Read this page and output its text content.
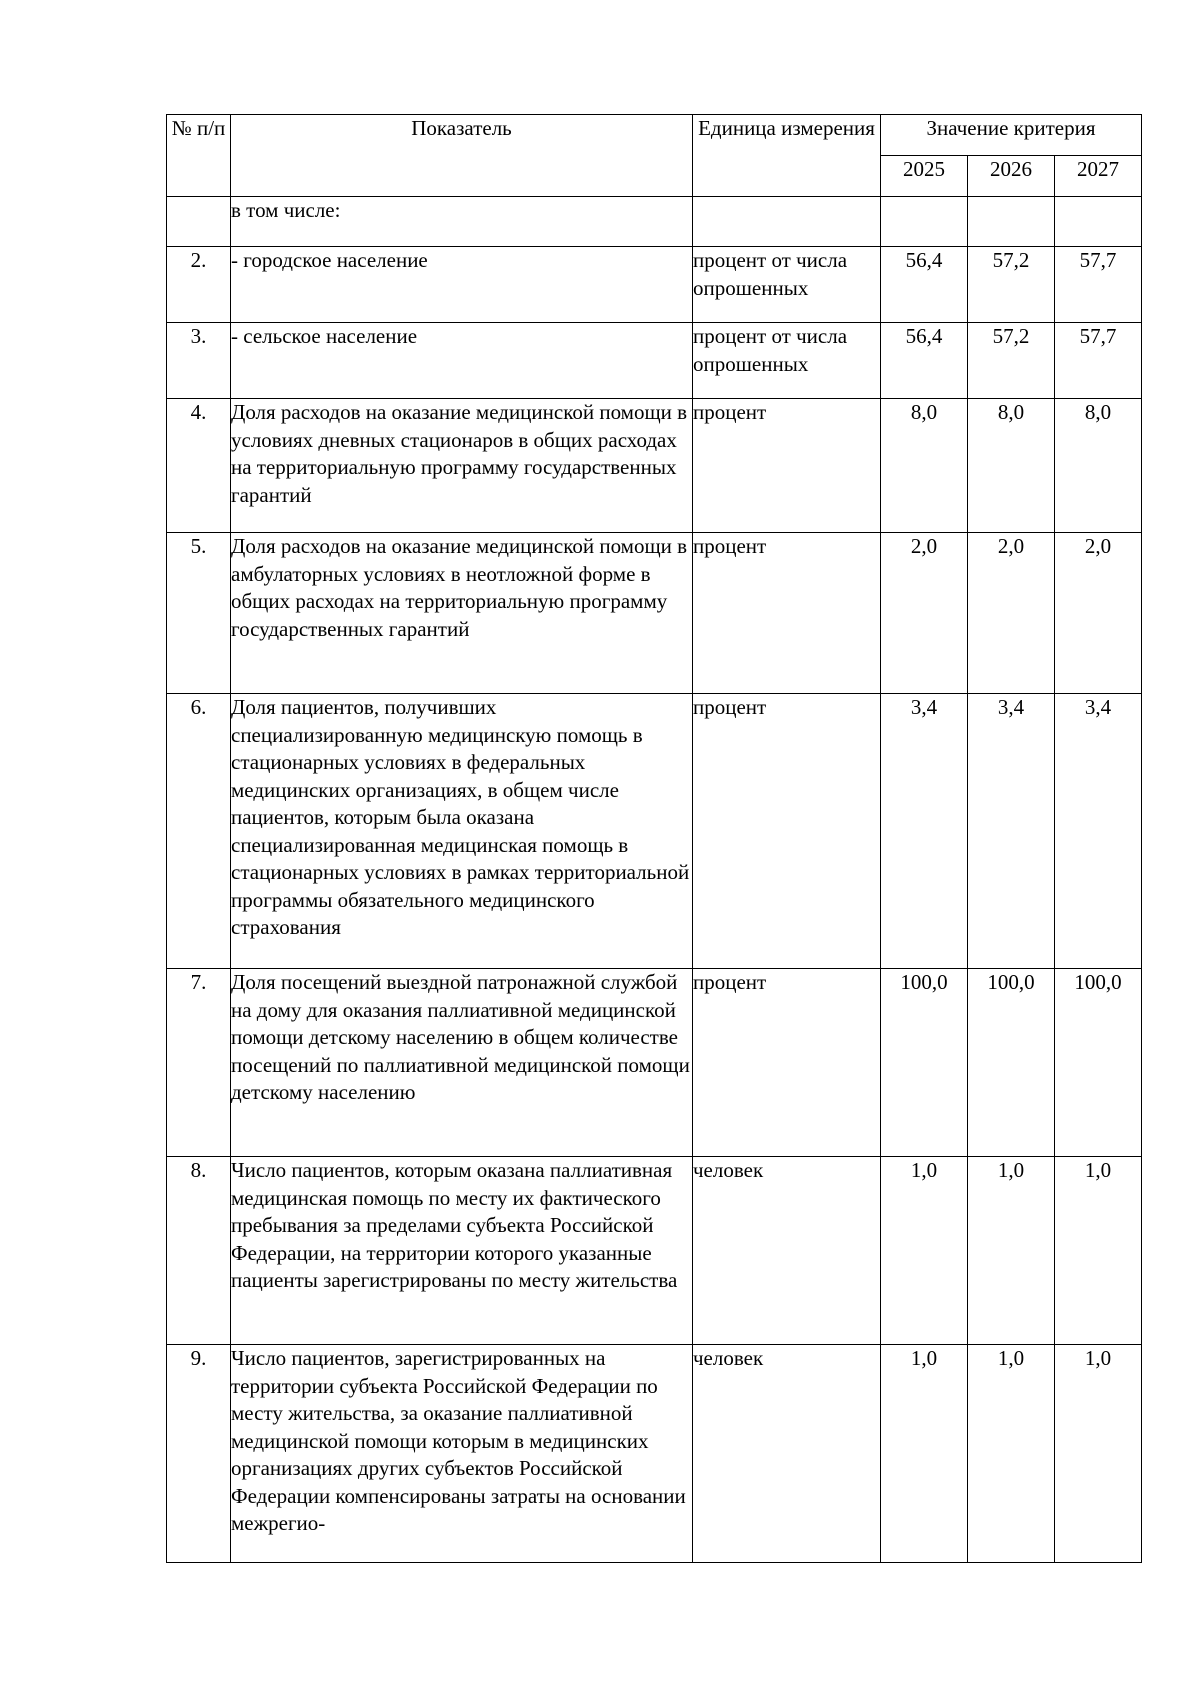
№ п/п	Показатель	Единица измерения	Значение критерия		
			2025	2026	2027
	в том числе:				
2.	- городское население	процент от числа опрошенных	56,4	57,2	57,7
3.	- сельское население	процент от числа опрошенных	56,4	57,2	57,7
4.	Доля расходов на оказание медицинской помощи в условиях дневных стационаров в общих расходах на территориальную программу государственных гарантий	процент	8,0	8,0	8,0
5.	Доля расходов на оказание медицинской помощи в амбулаторных условиях в неотложной форме в общих расходах на территориальную программу государственных гарантий	процент	2,0	2,0	2,0
6.	Доля пациентов, получивших специализированную медицинскую помощь в стационарных условиях в федеральных медицинских организациях, в общем числе пациентов, которым была оказана специализированная медицинская помощь в стационарных условиях в рамках территориальной программы обязательного медицинского страхования	процент	3,4	3,4	3,4
7.	Доля посещений выездной патронажной службой на дому для оказания паллиативной медицинской помощи детскому населению в общем количестве посещений по паллиативной медицинской помощи детскому населению	процент	100,0	100,0	100,0
8.	Число пациентов, которым оказана паллиативная медицинская помощь по месту их фактического пребывания за пределами субъекта Российской Федерации, на территории которого указанные пациенты зарегистрированы по месту жительства	человек	1,0	1,0	1,0
9.	Число пациентов, зарегистрированных на территории субъекта Российской Федерации по месту жительства, за оказание паллиативной медицинской помощи которым в медицинских организациях других субъектов Российской Федерации компенсированы затраты на основании межрегио-	человек	1,0	1,0	1,0
